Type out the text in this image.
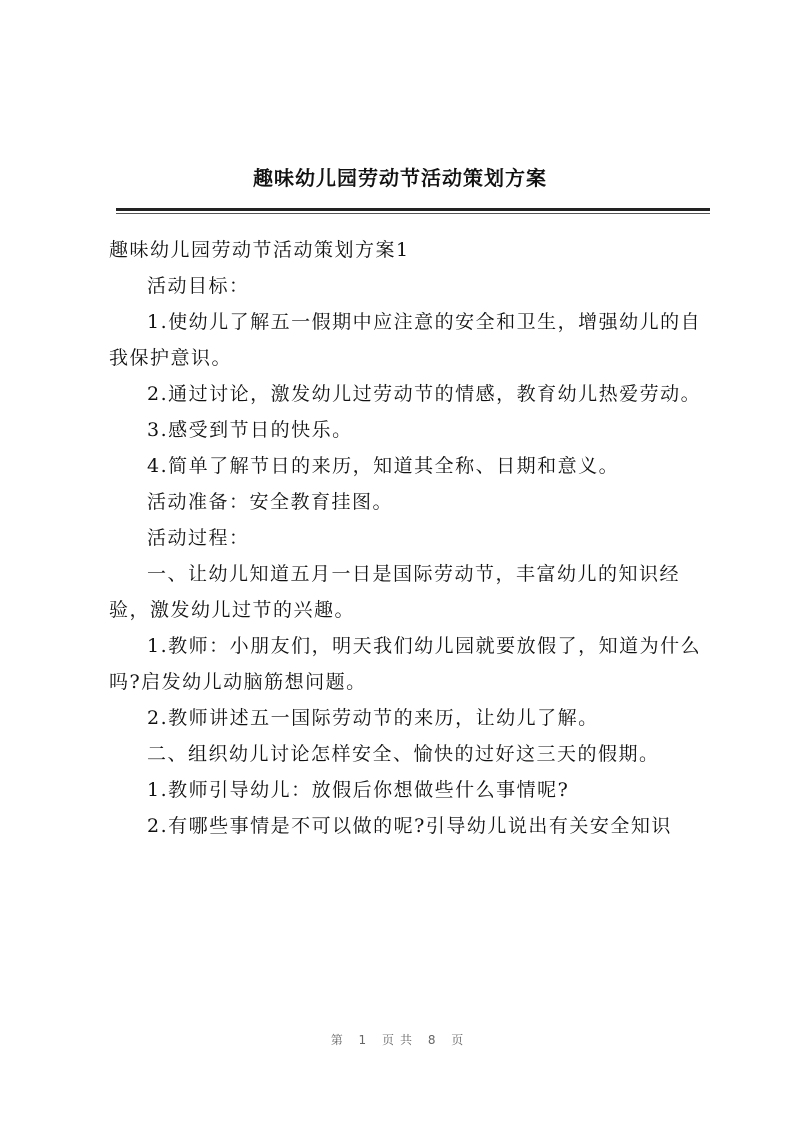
趣味幼儿园劳动节活动策划方案

趣味幼儿园劳动节活动策划方案1

活动目标：

1.使幼儿了解五一假期中应注意的安全和卫生，增强幼儿的自我保护意识。

2.通过讨论，激发幼儿过劳动节的情感，教育幼儿热爱劳动。

3.感受到节日的快乐。

4.简单了解节日的来历，知道其全称、日期和意义。

活动准备：安全教育挂图。

活动过程：

一、让幼儿知道五月一日是国际劳动节，丰富幼儿的知识经验，激发幼儿过节的兴趣。

1.教师：小朋友们，明天我们幼儿园就要放假了，知道为什么吗?启发幼儿动脑筋想问题。

2.教师讲述五一国际劳动节的来历，让幼儿了解。

二、组织幼儿讨论怎样安全、愉快的过好这三天的假期。

1.教师引导幼儿：放假后你想做些什么事情呢?

2.有哪些事情是不可以做的呢?引导幼儿说出有关安全知识

第 1 页共 8 页
